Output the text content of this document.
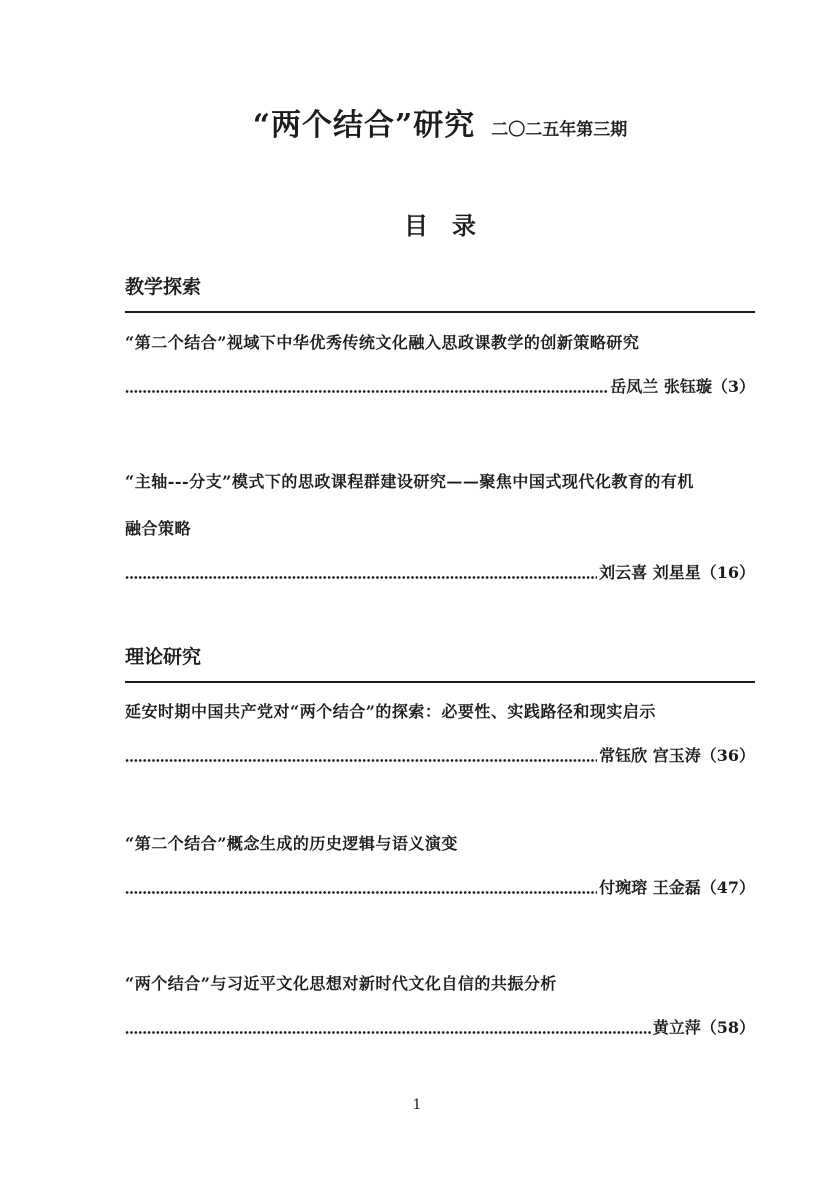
“两个结合”研究 二〇二五年第三期
目　录
教学探索
“第二个结合”视域下中华优秀传统文化融入思政课教学的创新策略研究
岳凤兰 张钰璇 （3）
“主轴---分支”模式下的思政课程群建设研究——聚焦中国式现代化教育的有机
融合策略
刘云喜 刘星星 （16）
理论研究
延安时期中国共产党对“两个结合”的探索：必要性、实践路径和现实启示
常钰欣 宫玉涛 （36）
“第二个结合”概念生成的历史逻辑与语义演变
付琬瑢 王金磊 （47）
“两个结合”与习近平文化思想对新时代文化自信的共振分析
黄立萍 （58）
1
